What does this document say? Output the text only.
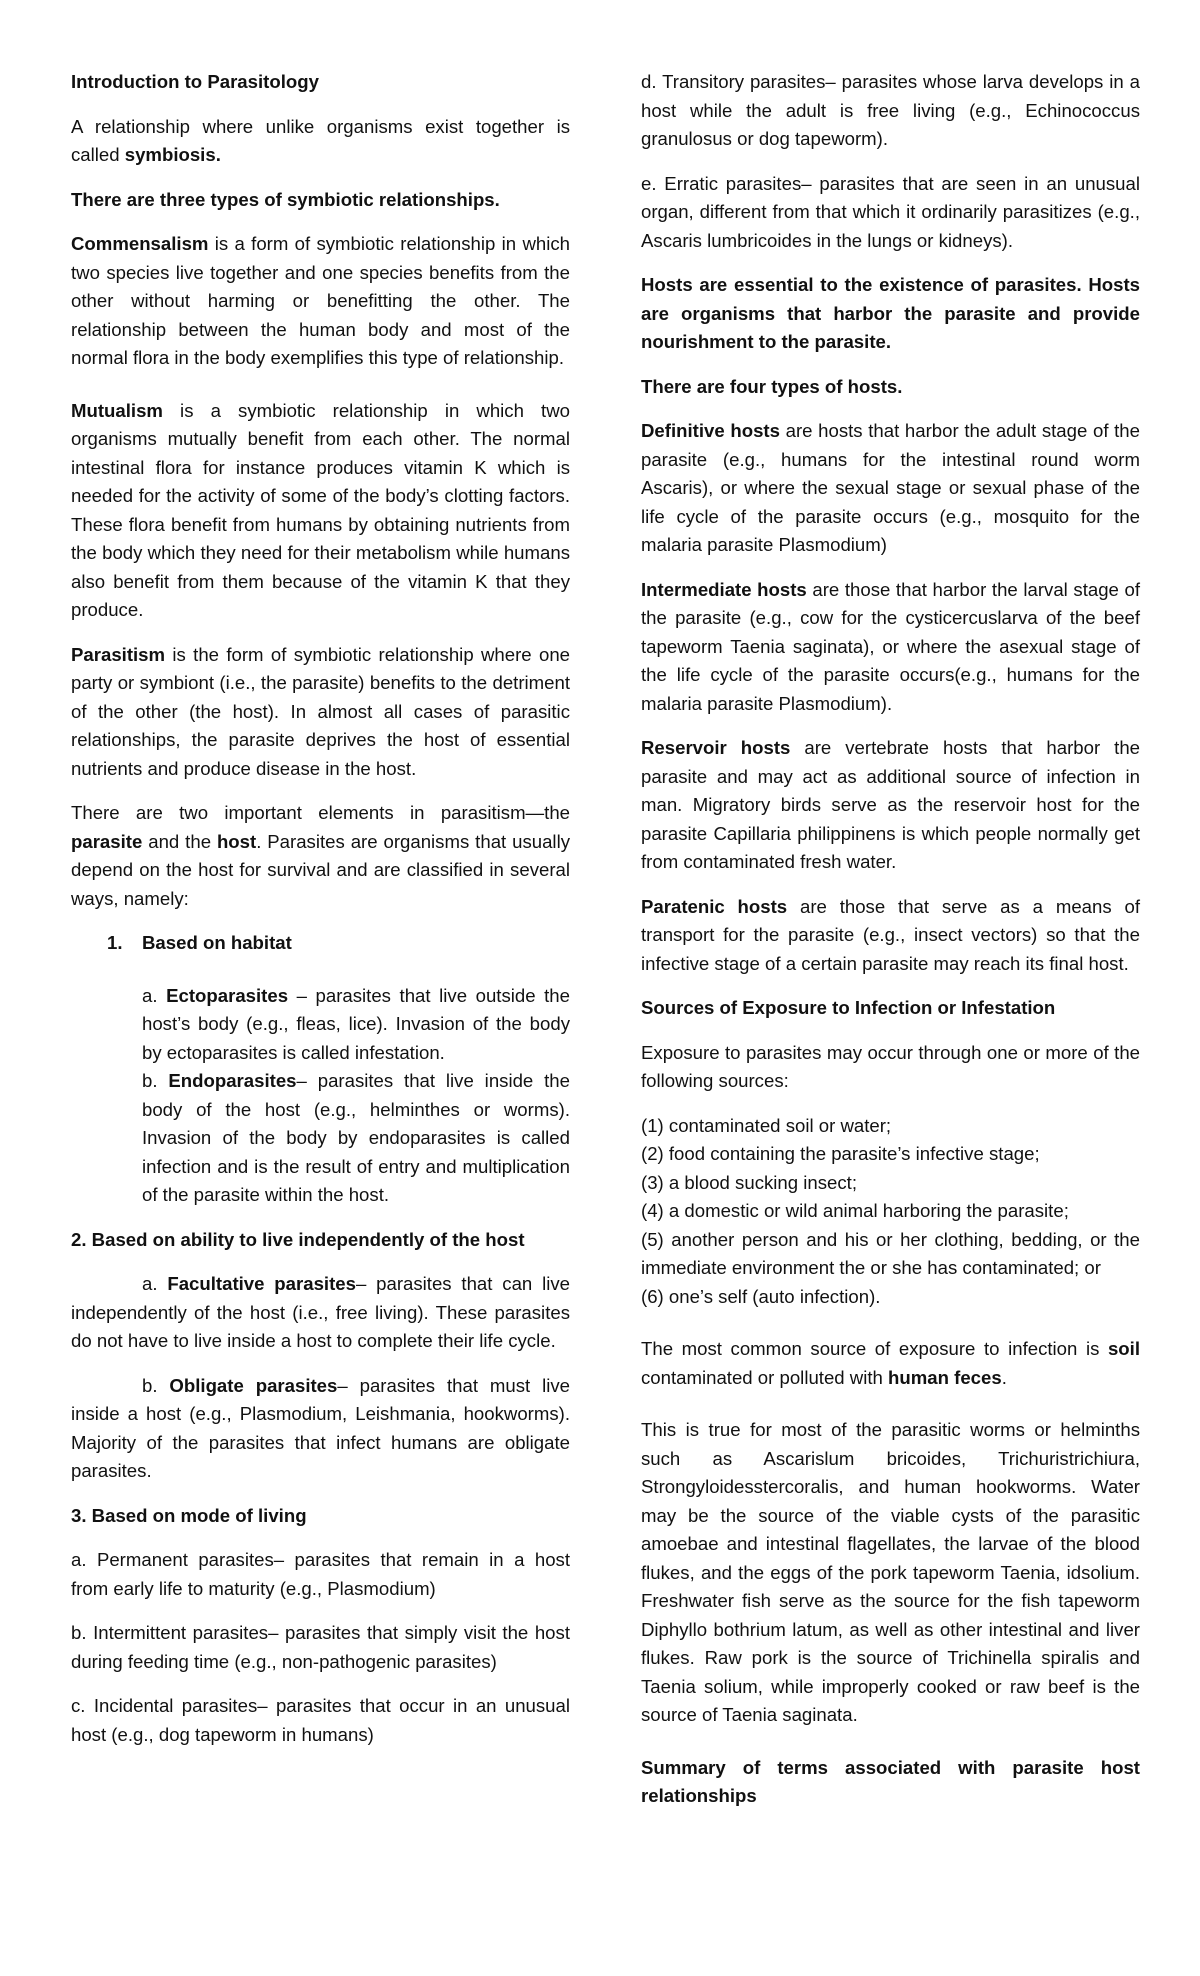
Introduction to Parasitology

A relationship where unlike organisms exist together is called symbiosis.

There are three types of symbiotic relationships.

Commensalism is a form of symbiotic relationship in which two species live together and one species benefits from the other without harming or benefitting the other. The relationship between the human body and most of the normal flora in the body exemplifies this type of relationship.

Mutualism is a symbiotic relationship in which two organisms mutually benefit from each other. The normal intestinal flora for instance produces vitamin K which is needed for the activity of some of the body’s clotting factors. These flora benefit from humans by obtaining nutrients from the body which they need for their metabolism while humans also benefit from them because of the vitamin K that they produce.

Parasitism is the form of symbiotic relationship where one party or symbiont (i.e., the parasite) benefits to the detriment of the other (the host). In almost all cases of parasitic relationships, the parasite deprives the host of essential nutrients and produce disease in the host.

There are two important elements in parasitism—the parasite and the host. Parasites are organisms that usually depend on the host for survival and are classified in several ways, namely:

1. Based on habitat

a. Ectoparasites – parasites that live outside the host’s body (e.g., fleas, lice). Invasion of the body by ectoparasites is called infestation.

b. Endoparasites– parasites that live inside the body of the host (e.g., helminthes or worms). Invasion of the body by endoparasites is called infection and is the result of entry and multiplication of the parasite within the host.

2. Based on ability to live independently of the host

a. Facultative parasites– parasites that can live independently of the host (i.e., free living). These parasites do not have to live inside a host to complete their life cycle.

b. Obligate parasites– parasites that must live inside a host (e.g., Plasmodium, Leishmania, hookworms). Majority of the parasites that infect humans are obligate parasites.

3. Based on mode of living

a. Permanent parasites– parasites that remain in a host from early life to maturity (e.g., Plasmodium)

b. Intermittent parasites– parasites that simply visit the host during feeding time (e.g., non-pathogenic parasites)

c. Incidental parasites– parasites that occur in an unusual host (e.g., dog tapeworm in humans)

d. Transitory parasites– parasites whose larva develops in a host while the adult is free living (e.g., Echinococcus granulosus or dog tapeworm).

e. Erratic parasites– parasites that are seen in an unusual organ, different from that which it ordinarily parasitizes (e.g., Ascaris lumbricoides in the lungs or kidneys).

Hosts are essential to the existence of parasites. Hosts are organisms that harbor the parasite and provide nourishment to the parasite.

There are four types of hosts.

Definitive hosts are hosts that harbor the adult stage of the parasite (e.g., humans for the intestinal round worm Ascaris), or where the sexual stage or sexual phase of the life cycle of the parasite occurs (e.g., mosquito for the malaria parasite Plasmodium)

Intermediate hosts are those that harbor the larval stage of the parasite (e.g., cow for the cysticercuslarva of the beef tapeworm Taenia saginata), or where the asexual stage of the life cycle of the parasite occurs(e.g., humans for the malaria parasite Plasmodium).

Reservoir hosts are vertebrate hosts that harbor the parasite and may act as additional source of infection in man. Migratory birds serve as the reservoir host for the parasite Capillaria philippinens is which people normally get from contaminated fresh water.

Paratenic hosts are those that serve as a means of transport for the parasite (e.g., insect vectors) so that the infective stage of a certain parasite may reach its final host.

Sources of Exposure to Infection or Infestation

Exposure to parasites may occur through one or more of the following sources:

(1) contaminated soil or water;

(2) food containing the parasite’s infective stage;

(3) a blood sucking insect;

(4) a domestic or wild animal harboring the parasite;

(5) another person and his or her clothing, bedding, or the immediate environment the or she has contaminated; or

(6) one’s self (auto infection).

The most common source of exposure to infection is soil contaminated or polluted with human feces.

This is true for most of the parasitic worms or helminths such as Ascarislum bricoides, Trichuristrichiura, Strongyloidesstercoralis, and human hookworms. Water may be the source of the viable cysts of the parasitic amoebae and intestinal flagellates, the larvae of the blood flukes, and the eggs of the pork tapeworm Taenia, idsolium. Freshwater fish serve as the source for the fish tapeworm Diphyllo bothrium latum, as well as other intestinal and liver flukes. Raw pork is the source of Trichinella spiralis and Taenia solium, while improperly cooked or raw beef is the source of Taenia saginata.

Summary of terms associated with parasite host relationships
